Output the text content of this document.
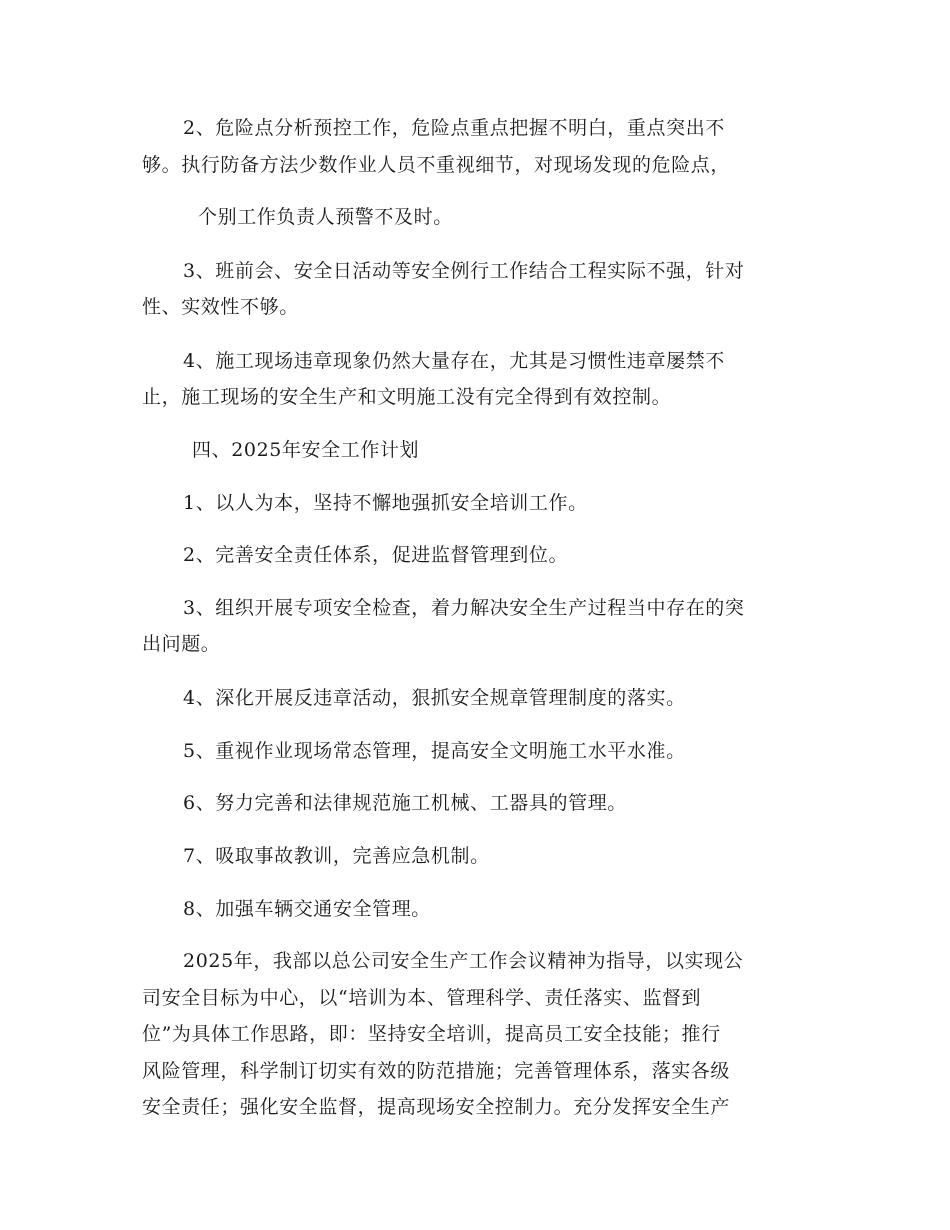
2、危险点分析预控工作，危险点重点把握不明白，重点突出不
够。执行防备方法少数作业人员不重视细节，对现场发现的危险点，
个别工作负责人预警不及时。
3、班前会、安全日活动等安全例行工作结合工程实际不强，针对
性、实效性不够。
4、施工现场违章现象仍然大量存在，尤其是习惯性违章屡禁不
止，施工现场的安全生产和文明施工没有完全得到有效控制。
四、2025年安全工作计划
1、以人为本，坚持不懈地强抓安全培训工作。
2、完善安全责任体系，促进监督管理到位。
3、组织开展专项安全检查，着力解决安全生产过程当中存在的突
出问题。
4、深化开展反违章活动，狠抓安全规章管理制度的落实。
5、重视作业现场常态管理，提高安全文明施工水平水准。
6、努力完善和法律规范施工机械、工器具的管理。
7、吸取事故教训，完善应急机制。
8、加强车辆交通安全管理。
2025年，我部以总公司安全生产工作会议精神为指导，以实现公
司安全目标为中心，以“培训为本、管理科学、责任落实、监督到
位”为具体工作思路，即：坚持安全培训，提高员工安全技能；推行
风险管理，科学制订切实有效的防范措施；完善管理体系，落实各级
安全责任；强化安全监督，提高现场安全控制力。充分发挥安全生产
